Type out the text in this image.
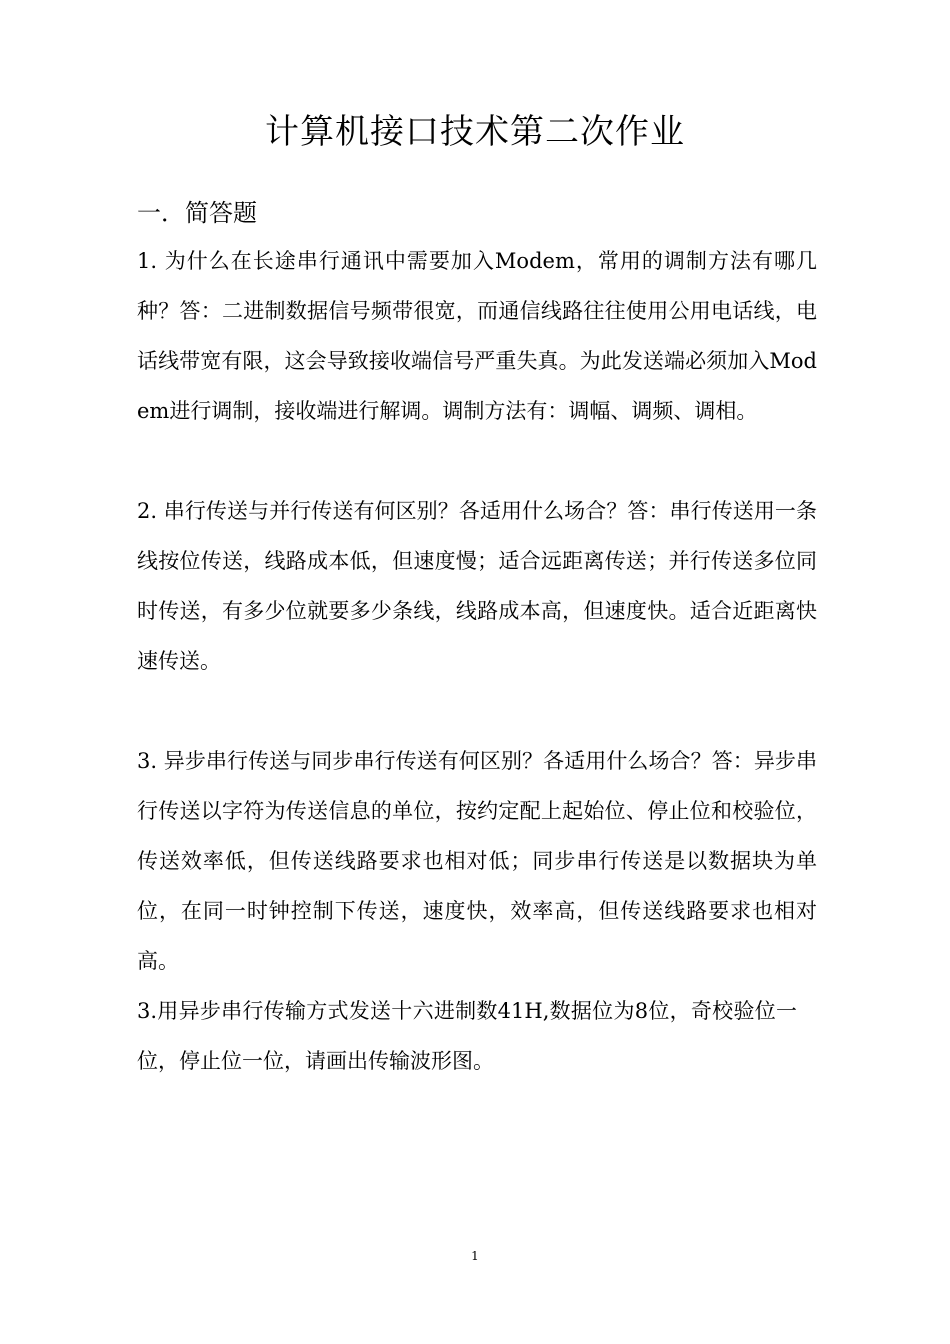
计算机接口技术第二次作业
一．简答题
1. 为什么在长途串行通讯中需要加入Modem，常用的调制方法有哪几种？答：二进制数据信号频带很宽，而通信线路往往使用公用电话线，电话线带宽有限，这会导致接收端信号严重失真。为此发送端必须加入Modem进行调制，接收端进行解调。调制方法有：调幅、调频、调相。
2. 串行传送与并行传送有何区别？各适用什么场合？答：串行传送用一条线按位传送，线路成本低，但速度慢；适合远距离传送；并行传送多位同时传送，有多少位就要多少条线，线路成本高，但速度快。适合近距离快速传送。
3. 异步串行传送与同步串行传送有何区别？各适用什么场合？答：异步串行传送以字符为传送信息的单位，按约定配上起始位、停止位和校验位，传送效率低，但传送线路要求也相对低；同步串行传送是以数据块为单位，在同一时钟控制下传送，速度快，效率高，但传送线路要求也相对高。
3.用异步串行传输方式发送十六进制数41H,数据位为8位，奇校验位一位，停止位一位，请画出传输波形图。
1
